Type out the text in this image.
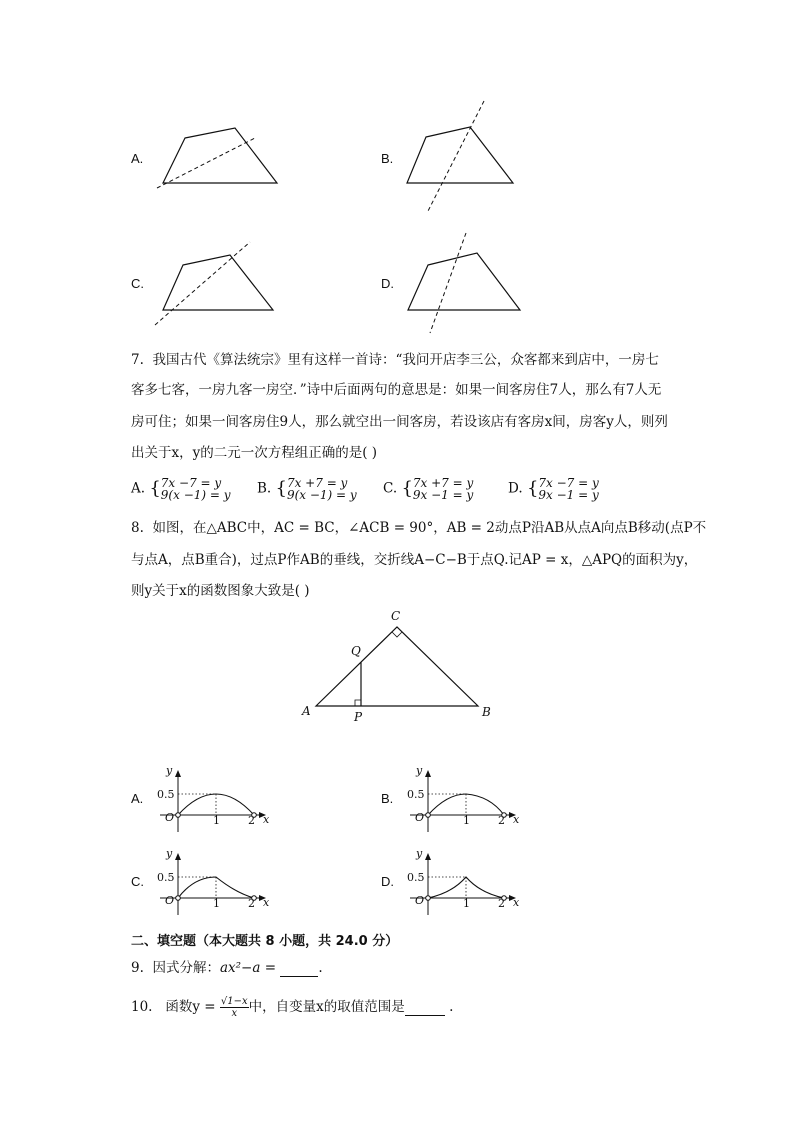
A.	B.
C.	D.
7. 我国古代《算法统宗》里有这样一首诗：“我问开店李三公，众客都来到店中，一房七
客多七客，一房九客一房空．”诗中后面两句的意思是：如果一间客房住7人，那么有7人无
房可住；如果一间客房住9人，那么就空出一间客房，若设该店有客房x间，房客y人，则列
出关于x，y的二元一次方程组正确的是( )
A. {7x −7 = y
9(x −1) = y B. {7x +7 = y
9(x −1) = y C. {7x +7 = y
9x −1 = y	D. {7x −7 = y
9x −1 = y
8. 如图，在△ABC中，AC = BC，∠ACB = 90°，AB = 2动点P沿AB从点A向点B移动(点P不
与点A，点B重合)，过点P作AB的垂线，交折线A−C−B于点Q.记AP = x，△APQ的面积为y，
则y关于x的函数图象大致是( )
A	B
C
P
Q
A.	B.
C.	D.
y
0.5
O	1	2 x
y
0.5
O	1	2 x
y
0.5
O	1	2 x
y
0.5
O	1	2 x
二、填空题（本大题共 8 小题，共 24.0 分）
9. 因式分解：ax²−a =	.
10. 函数$y = \frac{√1-x}{x}$ 中，自变量x的取值范围是	.
